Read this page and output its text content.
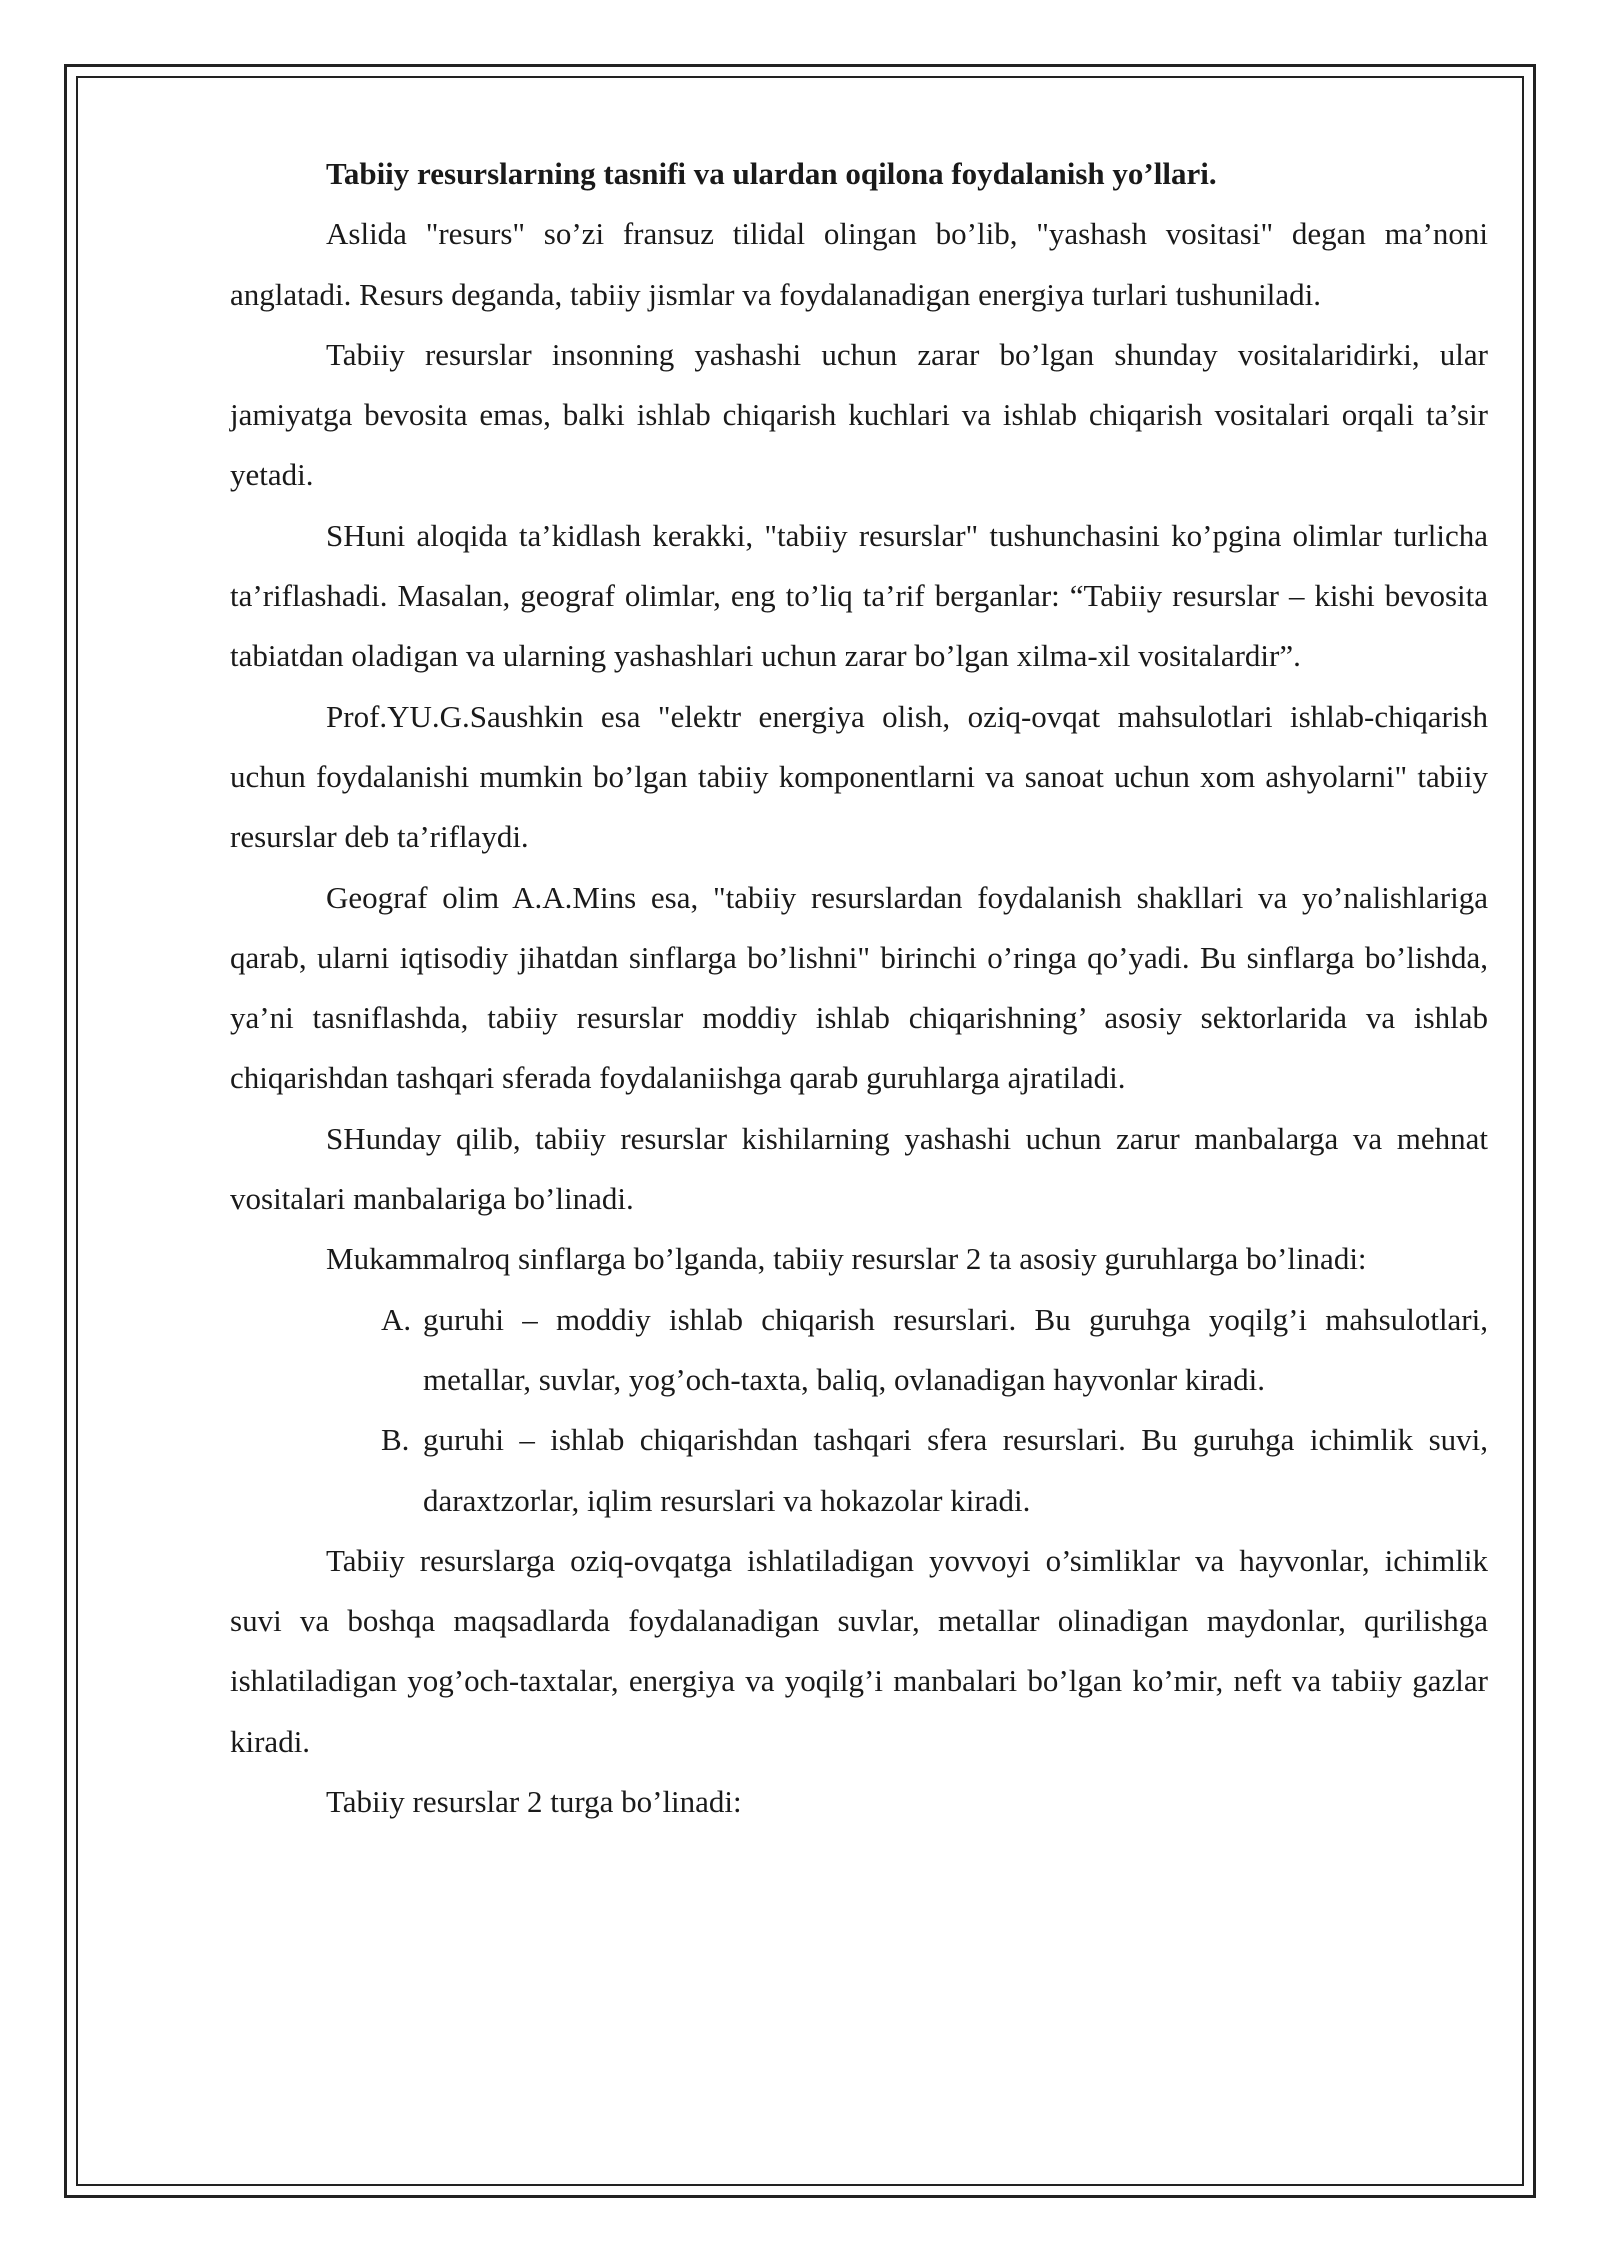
Tabiiy resurslarning tasnifi va ulardan oqilona foydalanish yo’llari.

Aslida "resurs" so’zi fransuz tilidal olingan bo’lib, "yashash vositasi" degan ma’noni anglatadi. Resurs deganda, tabiiy jismlar va foydalanadigan energiya turlari tushuniladi.

Tabiiy resurslar insonning yashashi uchun zarar bo’lgan shunday vositalaridirki, ular jamiyatga bevosita emas, balki ishlab chiqarish kuchlari va ishlab chiqarish vositalari orqali ta’sir yetadi.

SHuni aloqida ta’kidlash kerakki, "tabiiy resurslar" tushunchasini ko’pgina olimlar turlicha ta’riflashadi. Masalan, geograf olimlar, eng to’liq ta’rif berganlar: “Tabiiy resurslar – kishi bevosita tabiatdan oladigan va ularning yashashlari uchun zarar bo’lgan xilma-xil vositalardir”.

Prof.YU.G.Saushkin esa "elektr energiya olish, oziq-ovqat mahsulotlari ishlab-chiqarish uchun foydalanishi mumkin bo’lgan tabiiy komponentlarni va sanoat uchun xom ashyolarni" tabiiy resurslar deb ta’riflaydi.

Geograf olim A.A.Mins esa, "tabiiy resurslardan foydalanish shakllari va yo’nalishlariga qarab, ularni iqtisodiy jihatdan sinflarga bo’lishni" birinchi o’ringa qo’yadi. Bu sinflarga bo’lishda, ya’ni tasniflashda, tabiiy resurslar moddiy ishlab chiqarishning’ asosiy sektorlarida va ishlab chiqarishdan tashqari sferada foydalaniishga qarab guruhlarga ajratiladi.

SHunday qilib, tabiiy resurslar kishilarning yashashi uchun zarur manbalarga va mehnat vositalari manbalariga bo’linadi.

Mukammalroq sinflarga bo’lganda, tabiiy resurslar 2 ta asosiy guruhlarga bo’linadi:

A. guruhi – moddiy ishlab chiqarish resurslari. Bu guruhga yoqilg’i mahsulotlari, metallar, suvlar, yog’och-taxta, baliq, ovlanadigan hayvonlar kiradi.
B. guruhi – ishlab chiqarishdan tashqari sfera resurslari. Bu guruhga ichimlik suvi, daraxtzorlar, iqlim resurslari va hokazolar kiradi.

Tabiiy resurslarga oziq-ovqatga ishlatiladigan yovvoyi o’simliklar va hayvonlar, ichimlik suvi va boshqa maqsadlarda foydalanadigan suvlar, metallar olinadigan maydonlar, qurilishga ishlatiladigan yog’och-taxtalar, energiya va yoqilg’i manbalari bo’lgan ko’mir, neft va tabiiy gazlar kiradi.

Tabiiy resurslar 2 turga bo’linadi:
